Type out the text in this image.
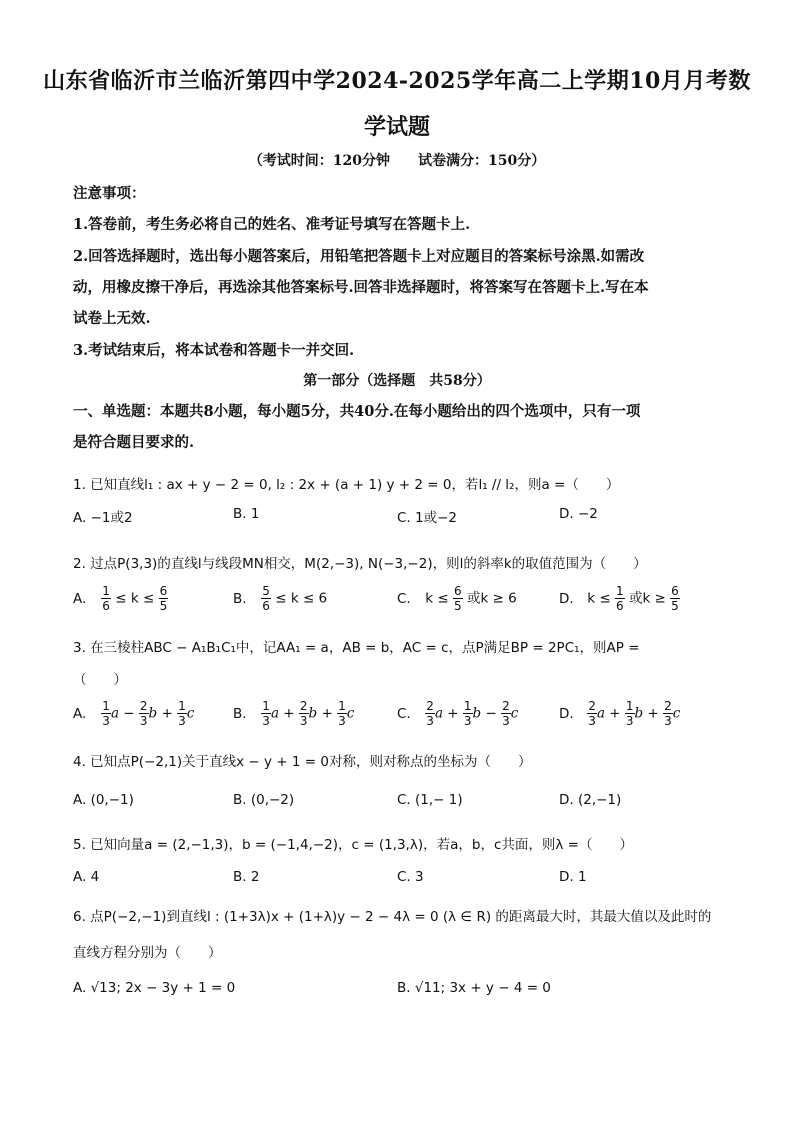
山东省临沂市兰临沂第四中学2024-2025学年高二上学期10月月考数
学试题
（考试时间：120分钟　　试卷满分：150分）
注意事项：
1.答卷前，考生务必将自己的姓名、准考证号填写在答题卡上.
2.回答选择题时，选出每小题答案后，用铅笔把答题卡上对应题目的答案标号涂黑.如需改
动，用橡皮擦干净后，再选涂其他答案标号.回答非选择题时，将答案写在答题卡上.写在本
试卷上无效.
3.考试结束后，将本试卷和答题卡一并交回.
第一部分（选择题　共58分）
一、单选题：本题共8小题，每小题5分，共40分.在每小题给出的四个选项中，只有一项
是符合题目要求的.
1. 已知直线l₁ : ax + y − 2 = 0, l₂ : 2x + (a + 1) y + 2 = 0，若l₁ // l₂，则a =（　　）
A. −1或2	B. 1	C. 1或−2	D. −2
2. 过点P(3,3)的直线l与线段MN相交，M(2,−3), N(−3,−2)，则l的斜率k的取值范围为（　　）
A. $\frac{1}{6} \le k \le \frac{6}{5}$	B. $\frac{5}{6} \le k \le 6$	C. $k \le \frac{6}{5}$ 或k ≥ 6	D. $k \le \frac{1}{6}$ 或$k \ge \frac{6}{5}$
3. 在三棱柱ABC − A₁B₁C₁中，记AA₁ = a，AB = b，AC = c，点P满足BP = 2PC₁，则AP =
（　　）
A. $\frac{1}{3}$ $a - \frac{2}{3}$ $b + \frac{1}{3}$ c	B. $\frac{1}{3}$ $a + \frac{2}{3}$ $b + \frac{1}{3}$ c	C. $\frac{2}{3}$ $a + \frac{1}{3}$ $b - \frac{2}{3}$ c	D. $\frac{2}{3}$ $a + \frac{1}{3}$ $b + \frac{2}{3}$ c
4. 已知点P(−2,1)关于直线x − y + 1 = 0对称，则对称点的坐标为（　　）
A. (0,−1)	B. (0,−2)	C. (1,− 1)	D. (2,−1)
5. 已知向量a = (2,−1,3)，b = (−1,4,−2)，c = (1,3,λ)，若a，b，c共面，则λ =（　　）
A. 4	B. 2	C. 3	D. 1
6. 点P(−2,−1)到直线l : (1+3λ)x + (1+λ)y − 2 − 4λ = 0 (λ ∈ R) 的距离最大时，其最大值以及此时的
直线方程分别为（　　）
A. √13; 2x − 3y + 1 = 0	B. √11; 3x + y − 4 = 0
